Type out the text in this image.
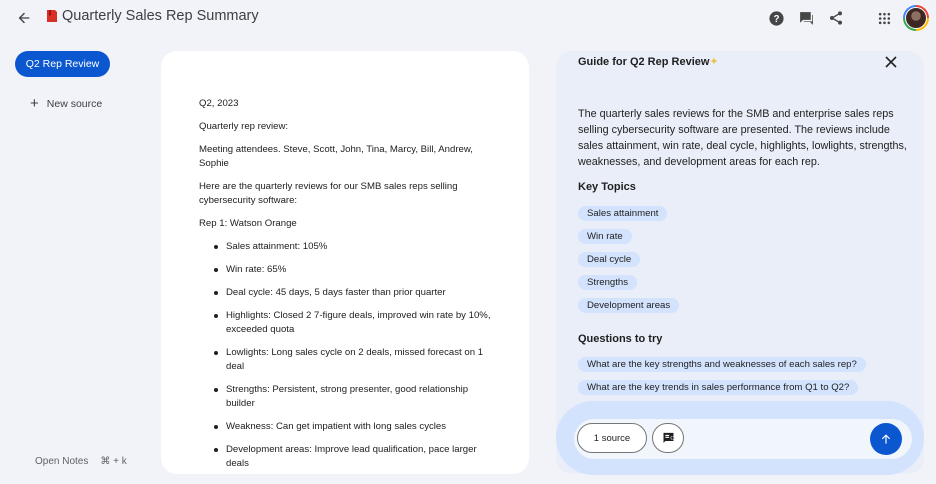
Quarterly Sales Rep Summary	?
Q2 Rep Review
+ New source
Open Notes ⌘ + k

Q2, 2023

Quarterly rep review:

Meeting attendees. Steve, Scott, John, Tina, Marcy, Bill, Andrew, Sophie

Here are the quarterly reviews for our SMB sales reps selling cybersecurity software:

Rep 1: Watson Orange

Sales attainment: 105%
Win rate: 65%
Deal cycle: 45 days, 5 days faster than prior quarter
Highlights: Closed 2 7-figure deals, improved win rate by 10%, exceeded quota
Lowlights: Long sales cycle on 2 deals, missed forecast on 1 deal
Strengths: Persistent, strong presenter, good relationship builder
Weakness: Can get impatient with long sales cycles
Development areas: Improve lead qualification, pace larger deals
Guide for Q2 Rep Review✦
The quarterly sales reviews for the SMB and enterprise sales reps selling cybersecurity software are presented. The reviews include sales attainment, win rate, deal cycle, highlights, lowlights, strengths, weaknesses, and development areas for each rep.
Key Topics
Sales attainment
Win rate
Deal cycle
Strengths
Development areas
Questions to try
What are the key strengths and weaknesses of each sales rep?
What are the key trends in sales performance from Q1 to Q2?
1 source
